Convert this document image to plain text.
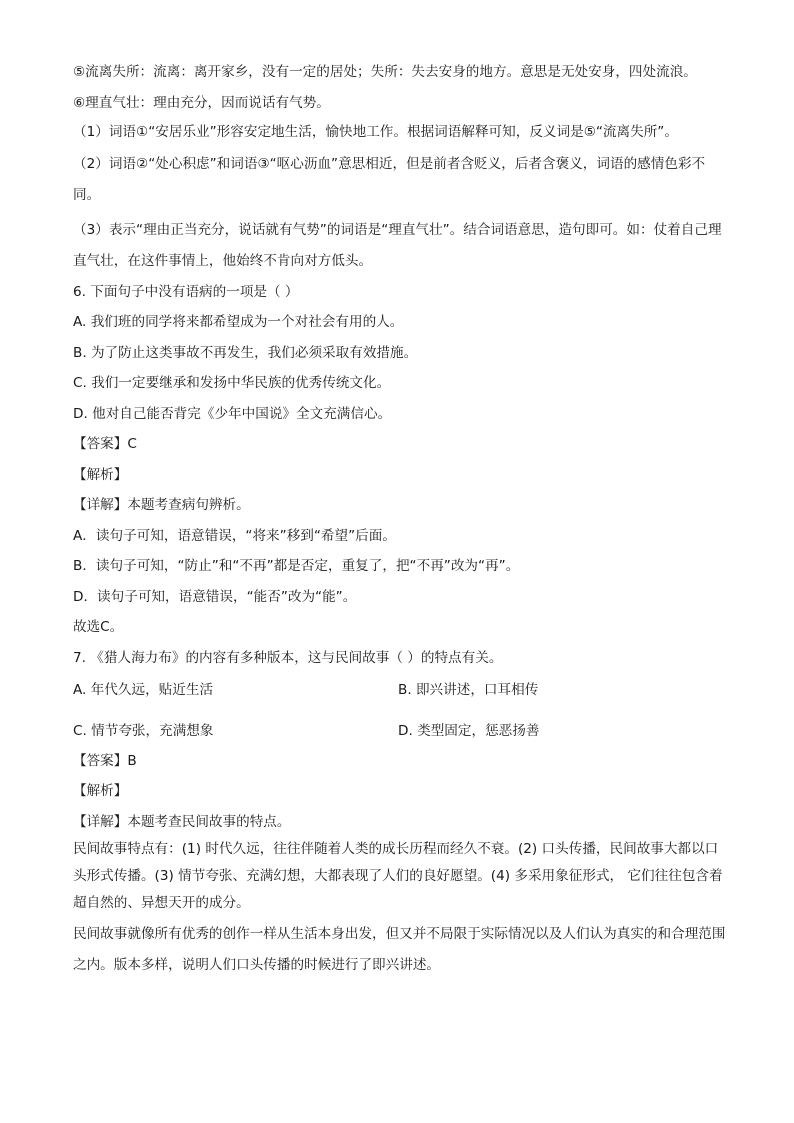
⑤流离失所：流离：离开家乡，没有一定的居处；失所：失去安身的地方。意思是无处安身，四处流浪。

⑥理直气壮：理由充分，因而说话有气势。

（1）词语①“安居乐业”形容安定地生活，愉快地工作。根据词语解释可知，反义词是⑤“流离失所”。

（2）词语②“处心积虑”和词语③“呕心沥血”意思相近，但是前者含贬义，后者含褒义，词语的感情色彩不同。

（3）表示“理由正当充分，说话就有气势”的词语是“理直气壮”。结合词语意思，造句即可。如：仗着自己理直气壮，在这件事情上，他始终不肯向对方低头。

6. 下面句子中没有语病的一项是（ ）

A. 我们班的同学将来都希望成为一个对社会有用的人。

B. 为了防止这类事故不再发生，我们必须采取有效措施。

C. 我们一定要继承和发扬中华民族的优秀传统文化。

D. 他对自己能否背完《少年中国说》全文充满信心。

【答案】C

【解析】

【详解】本题考查病句辨析。

A．读句子可知，语意错误，“将来”移到“希望”后面。

B．读句子可知，“防止”和“不再”都是否定，重复了，把“不再”改为“再”。

D．读句子可知，语意错误，“能否”改为“能”。

故选C。

7. 《猎人海力布》的内容有多种版本，这与民间故事（ ）的特点有关。

A. 年代久远，贴近生活	B. 即兴讲述，口耳相传
C. 情节夸张，充满想象	D. 类型固定，惩恶扬善

【答案】B

【解析】

【详解】本题考查民间故事的特点。

民间故事特点有：(1) 时代久远，往往伴随着人类的成长历程而经久不衰。(2) 口头传播，民间故事大都以口头形式传播。(3) 情节夸张、充满幻想，大都表现了人们的良好愿望。(4) 多采用象征形式， 它们往往包含着超自然的、异想天开的成分。

民间故事就像所有优秀的创作一样从生活本身出发，但又并不局限于实际情况以及人们认为真实的和合理范围之内。版本多样，说明人们口头传播的时候进行了即兴讲述。
